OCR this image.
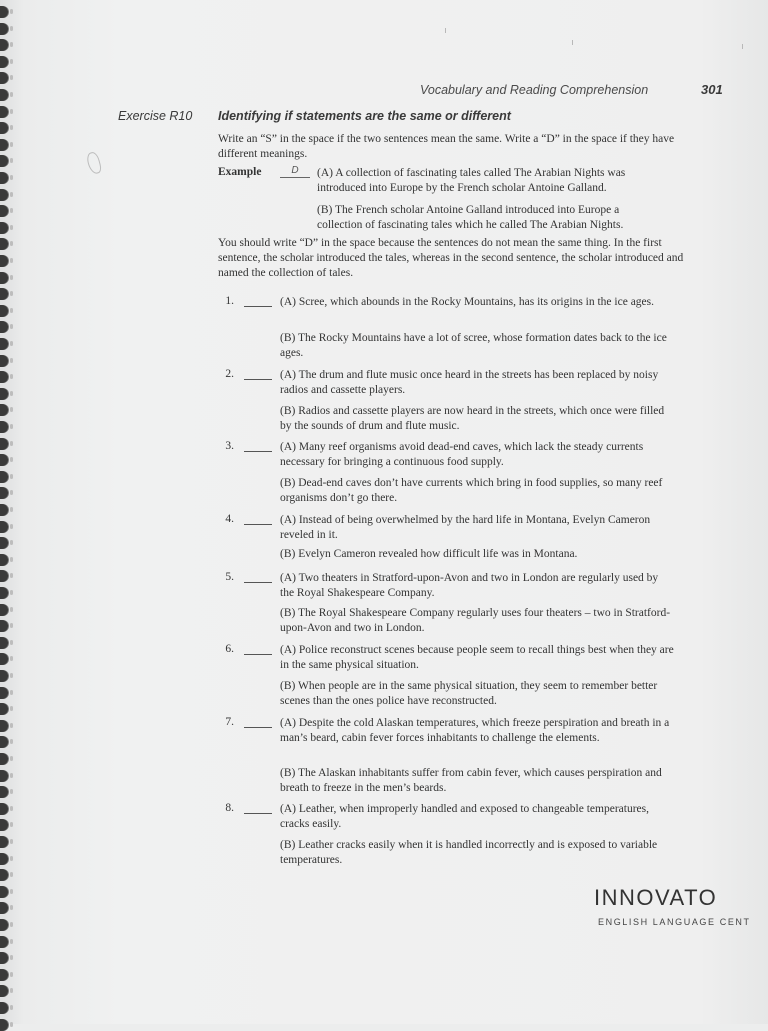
Vocabulary and Reading Comprehension	301
Exercise R10 Identifying if statements are the same or different
Write an “S” in the space if the two sentences mean the same. Write a “D” in the space if they have different meanings.
Example	D	(A) A collection of fascinating tales called The Arabian Nights was introduced into Europe by the French scholar Antoine Galland.
(B) The French scholar Antoine Galland introduced into Europe a collection of fascinating tales which he called The Arabian Nights.
You should write “D” in the space because the sentences do not mean the same thing. In the first sentence, the scholar introduced the tales, whereas in the second sentence, the scholar introduced and named the collection of tales.
1.	(A) Scree, which abounds in the Rocky Mountains, has its origins in the ice ages.
(B) The Rocky Mountains have a lot of scree, whose formation dates back to the ice ages.
2.	(A) The drum and flute music once heard in the streets has been replaced by noisy radios and cassette players.
(B) Radios and cassette players are now heard in the streets, which once were filled by the sounds of drum and flute music.
3.	(A) Many reef organisms avoid dead-end caves, which lack the steady currents necessary for bringing a continuous food supply.
(B) Dead-end caves don’t have currents which bring in food supplies, so many reef organisms don’t go there.
4.	(A) Instead of being overwhelmed by the hard life in Montana, Evelyn Cameron reveled in it.
(B) Evelyn Cameron revealed how difficult life was in Montana.
5.	(A) Two theaters in Stratford-upon-Avon and two in London are regularly used by the Royal Shakespeare Company.
(B) The Royal Shakespeare Company regularly uses four theaters – two in Stratford-upon-Avon and two in London.
6.	(A) Police reconstruct scenes because people seem to recall things best when they are in the same physical situation.
(B) When people are in the same physical situation, they seem to remember better scenes than the ones police have reconstructed.
7.	(A) Despite the cold Alaskan temperatures, which freeze perspiration and breath in a man’s beard, cabin fever forces inhabitants to challenge the elements.
(B) The Alaskan inhabitants suffer from cabin fever, which causes perspiration and breath to freeze in the men’s beards.
8.	(A) Leather, when improperly handled and exposed to changeable temperatures, cracks easily.
(B) Leather cracks easily when it is handled incorrectly and is exposed to variable temperatures.
INNOVATO
ENGLISH LANGUAGE CENT
